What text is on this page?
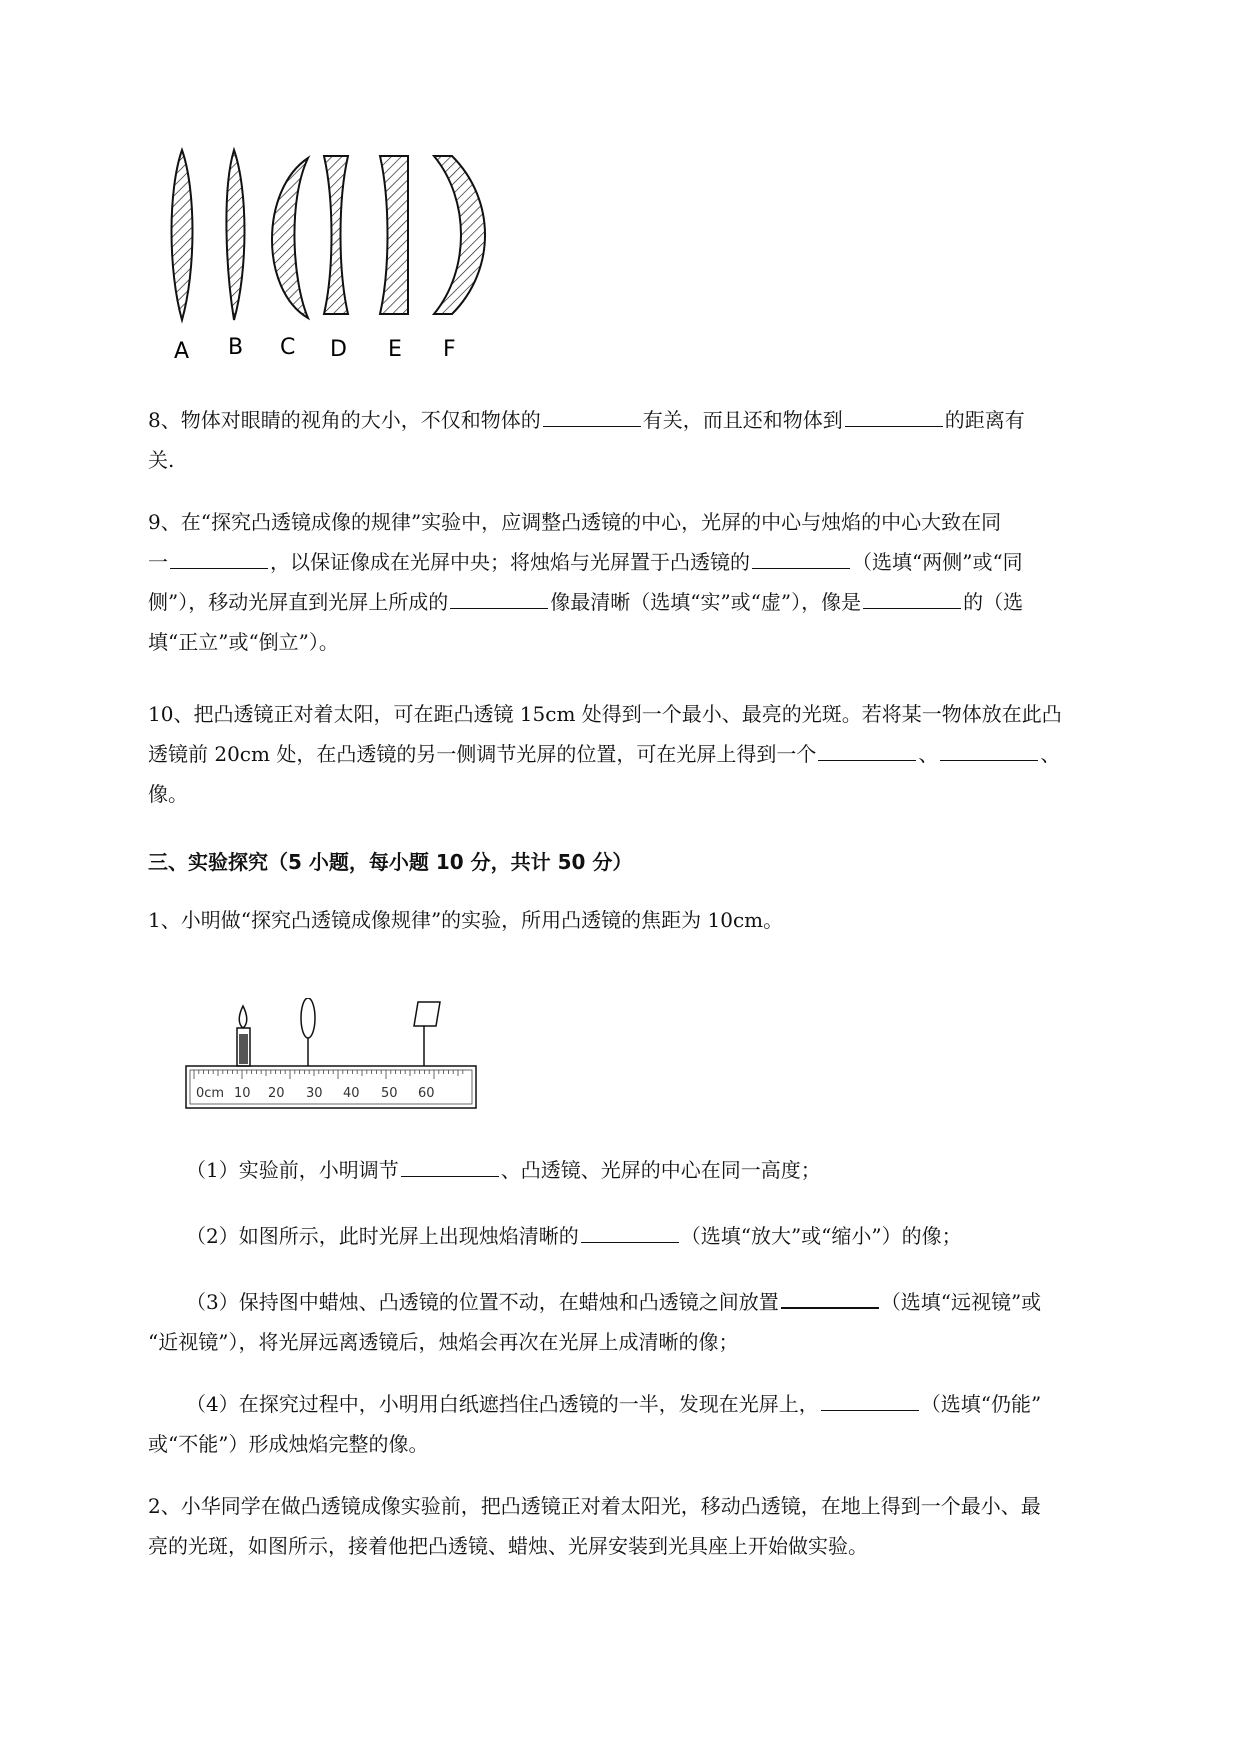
A B C D E F

8、物体对眼睛的视角的大小，不仅和物体的	有关，而且还和物体到	的距离有
关.

9、在“探究凸透镜成像的规律”实验中，应调整凸透镜的中心，光屏的中心与烛焰的中心大致在同
一	，以保证像成在光屏中央；将烛焰与光屏置于凸透镜的	（选填“两侧”或“同
侧”），移动光屏直到光屏上所成的	像最清晰（选填“实”或“虚”），像是	的（选
填“正立”或“倒立”）。

10、把凸透镜正对着太阳，可在距凸透镜 15cm 处得到一个最小、最亮的光斑。若将某一物体放在此凸
透镜前 20cm 处，在凸透镜的另一侧调节光屏的位置，可在光屏上得到一个	、	、
像。

三、实验探究（5 小题，每小题 10 分，共计 50 分）

1、小明做“探究凸透镜成像规律”的实验，所用凸透镜的焦距为 10cm。

0cm 10 20 30 40 50 60

（1）实验前，小明调节	、凸透镜、光屏的中心在同一高度；

（2）如图所示，此时光屏上出现烛焰清晰的	（选填“放大”或“缩小”）的像；

（3）保持图中蜡烛、凸透镜的位置不动，在蜡烛和凸透镜之间放置	（选填“远视镜”或
“近视镜”），将光屏远离透镜后，烛焰会再次在光屏上成清晰的像；

（4）在探究过程中，小明用白纸遮挡住凸透镜的一半，发现在光屏上，	（选填“仍能”
或“不能”）形成烛焰完整的像。

2、小华同学在做凸透镜成像实验前，把凸透镜正对着太阳光，移动凸透镜，在地上得到一个最小、最
亮的光斑，如图所示，接着他把凸透镜、蜡烛、光屏安装到光具座上开始做实验。
